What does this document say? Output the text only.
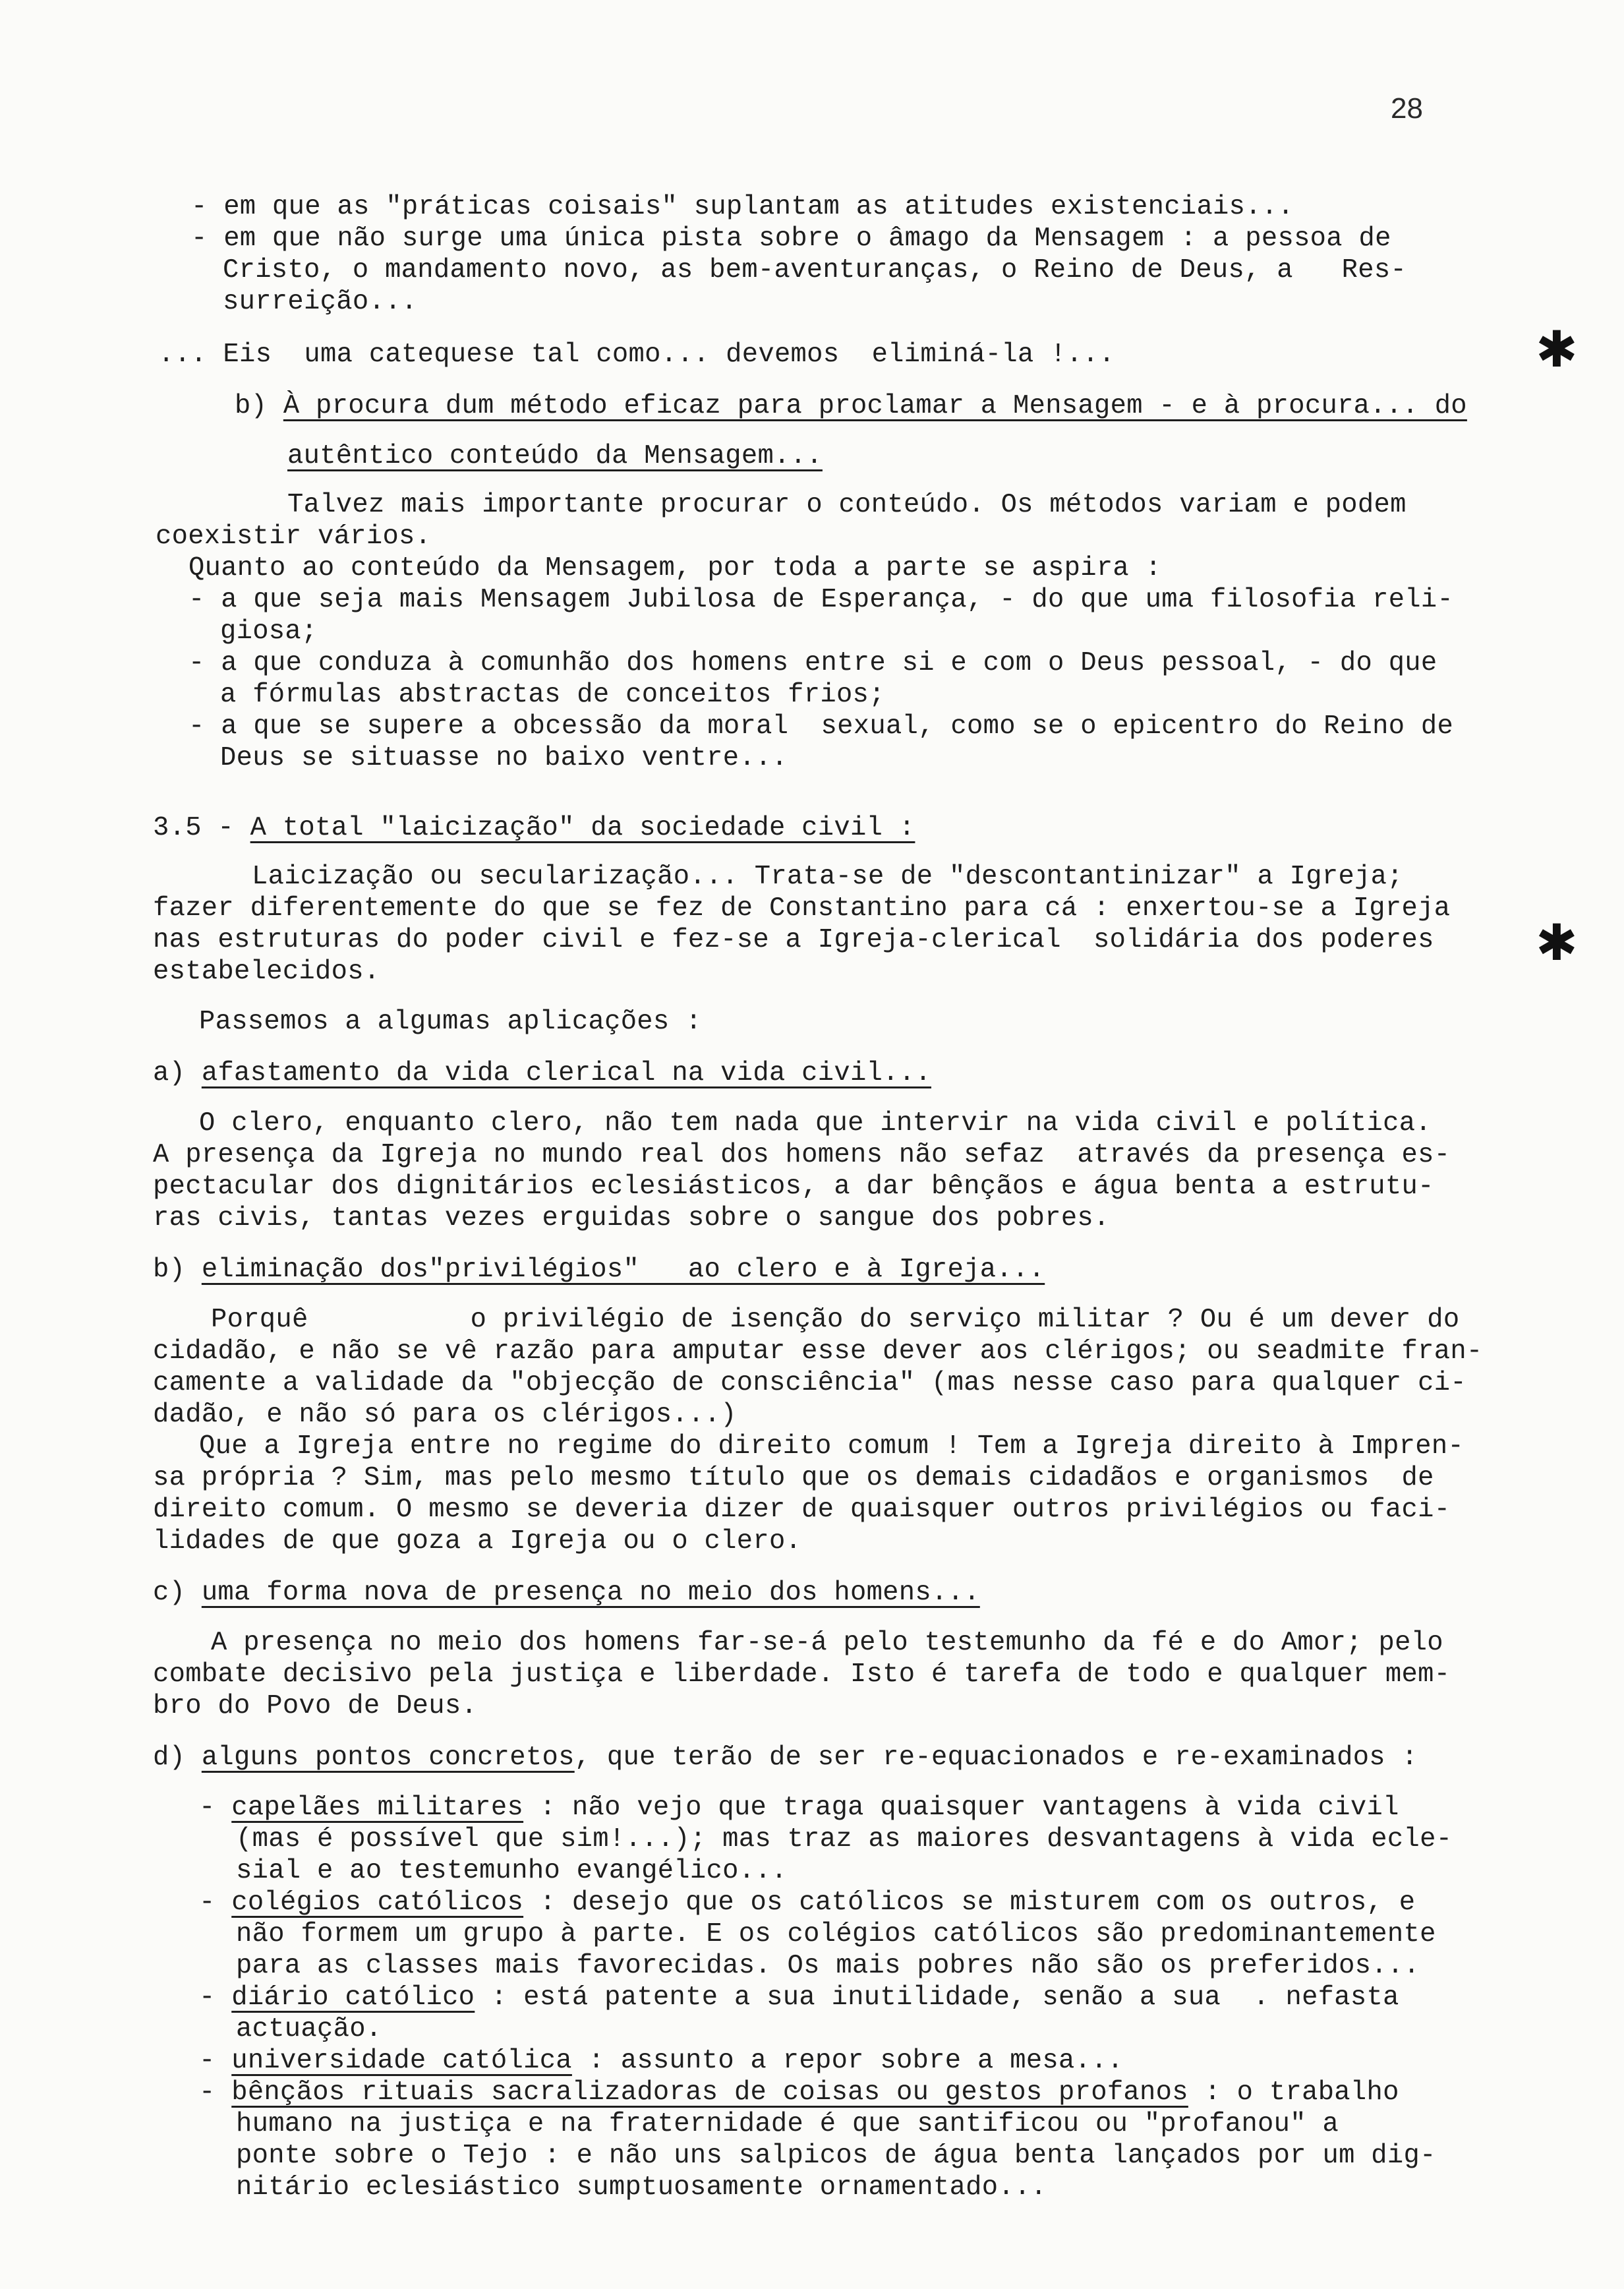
28
- em que as "práticas coisais" suplantam as atitudes existenciais...
- em que não surge uma única pista sobre o âmago da Mensagem : a pessoa de
Cristo, o mandamento novo, as bem-aventuranças, o Reino de Deus, a   Res-
surreição...
... Eis  uma catequese tal como... devemos  eliminá-la !...
b) À procura dum método eficaz para proclamar a Mensagem - e à procura... do
autêntico conteúdo da Mensagem...
Talvez mais importante procurar o conteúdo. Os métodos variam e podem
coexistir vários.
Quanto ao conteúdo da Mensagem, por toda a parte se aspira :
- a que seja mais Mensagem Jubilosa de Esperança, - do que uma filosofia reli-
giosa;
- a que conduza à comunhão dos homens entre si e com o Deus pessoal, - do que
a fórmulas abstractas de conceitos frios;
- a que se supere a obcessão da moral  sexual, como se o epicentro do Reino de
Deus se situasse no baixo ventre...
3.5 - A total "laicização" da sociedade civil :
Laicização ou secularização... Trata-se de "descontantinizar" a Igreja;
fazer diferentemente do que se fez de Constantino para cá : enxertou-se a Igreja
nas estruturas do poder civil e fez-se a Igreja-clerical  solidária dos poderes
estabelecidos.
Passemos a algumas aplicações :
a) afastamento da vida clerical na vida civil...
O clero, enquanto clero, não tem nada que intervir na vida civil e política.
A presença da Igreja no mundo real dos homens não sefaz  através da presença es-
pectacular dos dignitários eclesiásticos, a dar bênçãos e água benta a estrutu-
ras civis, tantas vezes erguidas sobre o sangue dos pobres.
b) eliminação dos"privilégios"   ao clero e à Igreja...
Porquê          o privilégio de isenção do serviço militar ? Ou é um dever do
cidadão, e não se vê razão para amputar esse dever aos clérigos; ou seadmite fran-
camente a validade da "objecção de consciência" (mas nesse caso para qualquer ci-
dadão, e não só para os clérigos...)
Que a Igreja entre no regime do direito comum ! Tem a Igreja direito à Impren-
sa própria ? Sim, mas pelo mesmo título que os demais cidadãos e organismos  de
direito comum. O mesmo se deveria dizer de quaisquer outros privilégios ou faci-
lidades de que goza a Igreja ou o clero.
c) uma forma nova de presença no meio dos homens...
A presença no meio dos homens far-se-á pelo testemunho da fé e do Amor; pelo
combate decisivo pela justiça e liberdade. Isto é tarefa de todo e qualquer mem-
bro do Povo de Deus.
d) alguns pontos concretos, que terão de ser re-equacionados e re-examinados :
- capelães militares : não vejo que traga quaisquer vantagens à vida civil
(mas é possível que sim!...); mas traz as maiores desvantagens à vida ecle-
sial e ao testemunho evangélico...
- colégios católicos : desejo que os católicos se misturem com os outros, e
não formem um grupo à parte. E os colégios católicos são predominantemente
para as classes mais favorecidas. Os mais pobres não são os preferidos...
- diário católico : está patente a sua inutilidade, senão a sua  . nefasta
actuação.
- universidade católica : assunto a repor sobre a mesa...
- bênçãos rituais sacralizadoras de coisas ou gestos profanos : o trabalho
humano na justiça e na fraternidade é que santificou ou "profanou" a
ponte sobre o Tejo : e não uns salpicos de água benta lançados por um dig-
nitário eclesiástico sumptuosamente ornamentado...
✱
✱
